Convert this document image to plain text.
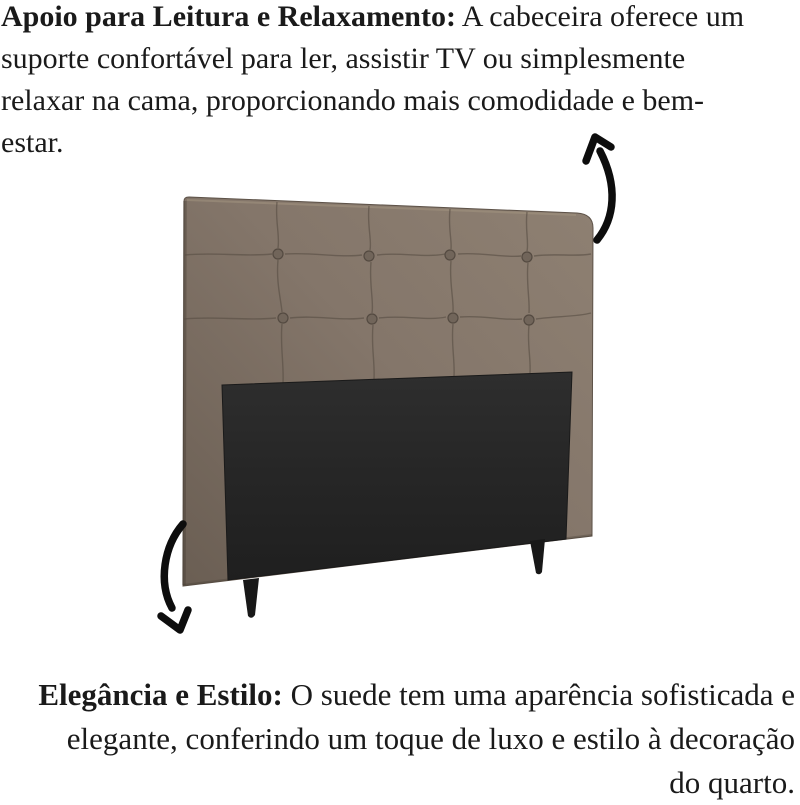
Apoio para Leitura e Relaxamento: A cabeceira oferece um
suporte confortável para ler, assistir TV ou simplesmente
relaxar na cama, proporcionando mais comodidade e bem-
estar.
Elegância e Estilo: O suede tem uma aparência sofisticada e
elegante, conferindo um toque de luxo e estilo à decoração
do quarto.
